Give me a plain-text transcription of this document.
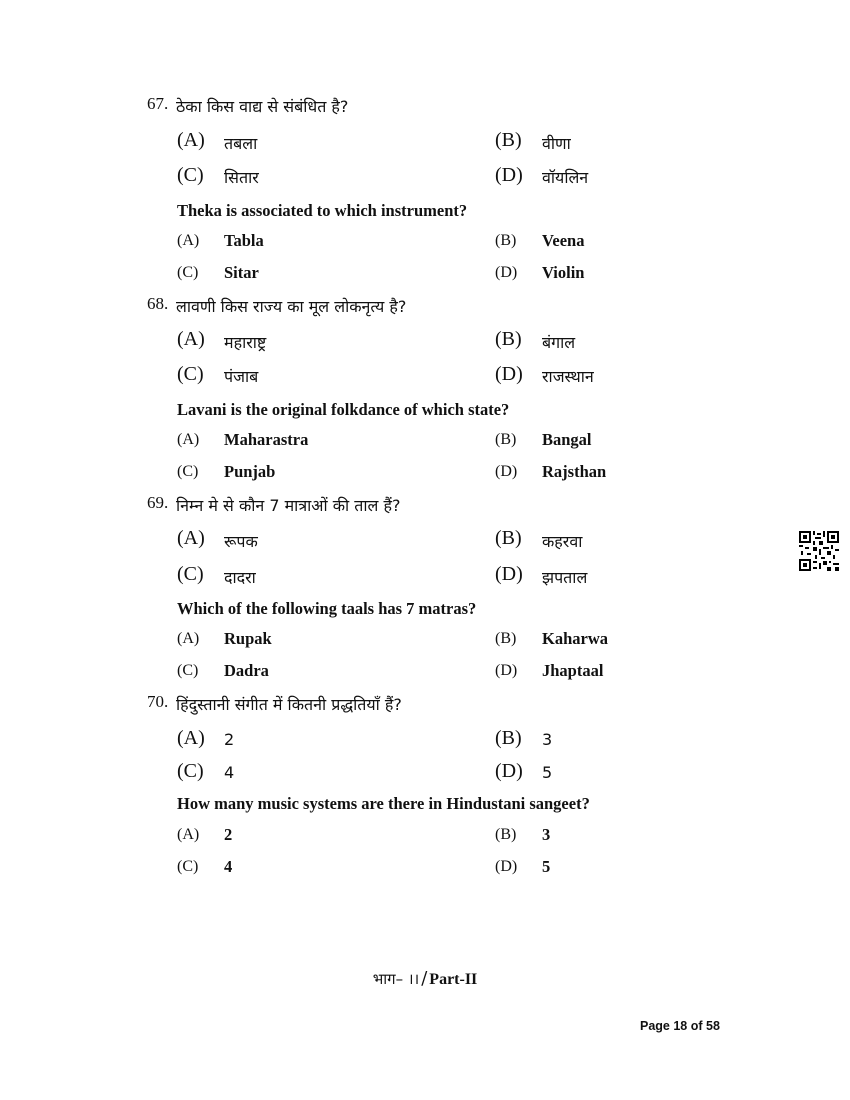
67. ठेका किस वाद्य से संबंधित है?
(A) तबला	(B) वीणा
(C) सितार	(D) वॉयलिन
Theka is associated to which instrument?
(A) Tabla	(B) Veena
(C) Sitar	(D) Violin
68. लावणी किस राज्य का मूल लोकनृत्य है?
(A) महाराष्ट्र	(B) बंगाल
(C) पंजाब	(D) राजस्थान
Lavani is the original folkdance of which state?
(A) Maharastra	(B) Bangal
(C) Punjab	(D) Rajsthan
69. निम्न मे से कौन 7 मात्राओं की ताल हैं?
(A) रूपक	(B) कहरवा
(C) दादरा	(D) झपताल
Which of the following taals has 7 matras?
(A) Rupak	(B) Kaharwa
(C) Dadra	(D) Jhaptaal
70. हिंदुस्तानी संगीत में कितनी प्रद्धतियाँ हैं?
(A) 2	(B) 3
(C) 4	(D) 5
How many music systems are there in Hindustani sangeet?
(A) 2	(B) 3
(C) 4	(D) 5
भाग– ।। / Part-II
Page 18 of 58
